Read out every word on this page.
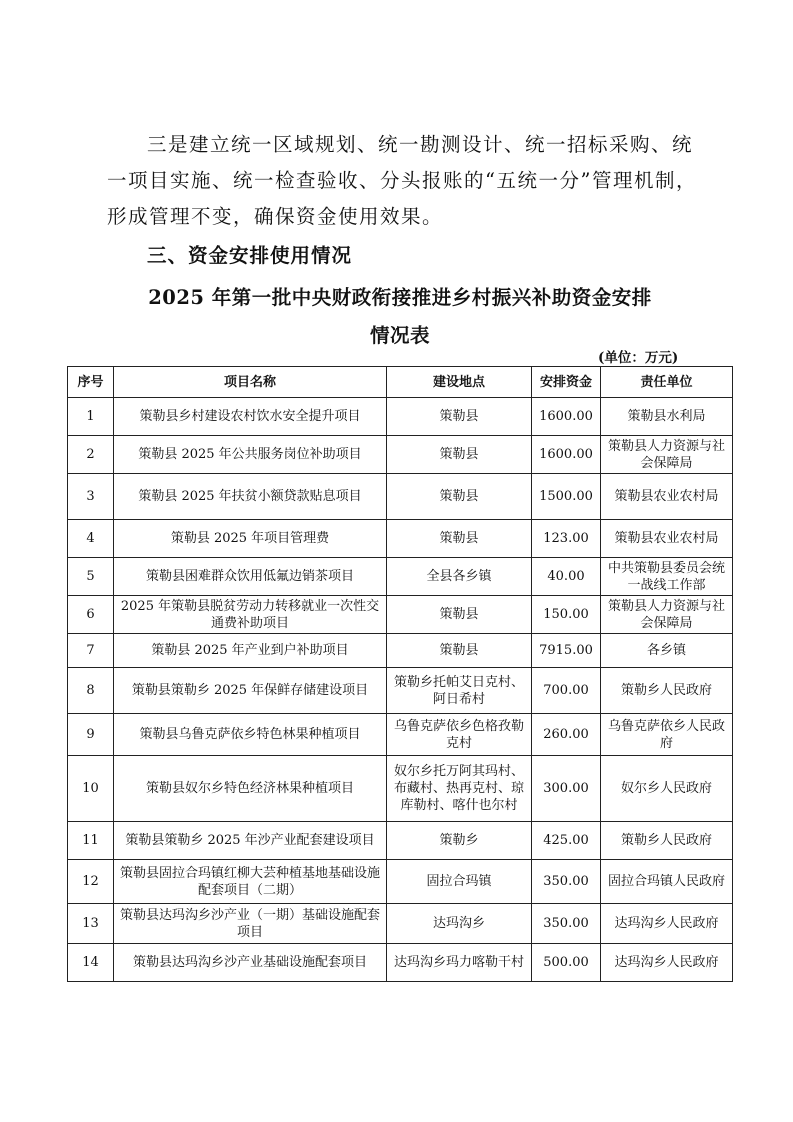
三是建立统一区域规划、统一勘测设计、统一招标采购、统
一项目实施、统一检查验收、分头报账的“五统一分”管理机制，
形成管理不变，确保资金使用效果。
三、资金安排使用情况
2025 年第一批中央财政衔接推进乡村振兴补助资金安排
情况表
(单位：万元)
序号	项目名称	建设地点	安排资金	责任单位
1	策勒县乡村建设农村饮水安全提升项目	策勒县	1600.00	策勒县水利局
2	策勒县 2025 年公共服务岗位补助项目	策勒县	1600.00	策勒县人力资源与社会保障局
3	策勒县 2025 年扶贫小额贷款贴息项目	策勒县	1500.00	策勒县农业农村局
4	策勒县 2025 年项目管理费	策勒县	123.00	策勒县农业农村局
5	策勒县困难群众饮用低氟边销茶项目	全县各乡镇	40.00	中共策勒县委员会统一战线工作部
6	2025 年策勒县脱贫劳动力转移就业一次性交通费补助项目	策勒县	150.00	策勒县人力资源与社会保障局
7	策勒县 2025 年产业到户补助项目	策勒县	7915.00	各乡镇
8	策勒县策勒乡 2025 年保鲜存储建设项目	策勒乡托帕艾日克村、阿日希村	700.00	策勒乡人民政府
9	策勒县乌鲁克萨依乡特色林果种植项目	乌鲁克萨依乡色格孜勒克村	260.00	乌鲁克萨依乡人民政府
10	策勒县奴尔乡特色经济林果种植项目	奴尔乡托万阿其玛村、布藏村、热再克村、琼库勒村、喀什也尔村	300.00	奴尔乡人民政府
11	策勒县策勒乡 2025 年沙产业配套建设项目	策勒乡	425.00	策勒乡人民政府
12	策勒县固拉合玛镇红柳大芸种植基地基础设施配套项目（二期）	固拉合玛镇	350.00	固拉合玛镇人民政府
13	策勒县达玛沟乡沙产业（一期）基础设施配套项目	达玛沟乡	350.00	达玛沟乡人民政府
14	策勒县达玛沟乡沙产业基础设施配套项目	达玛沟乡玛力喀勒干村	500.00	达玛沟乡人民政府
